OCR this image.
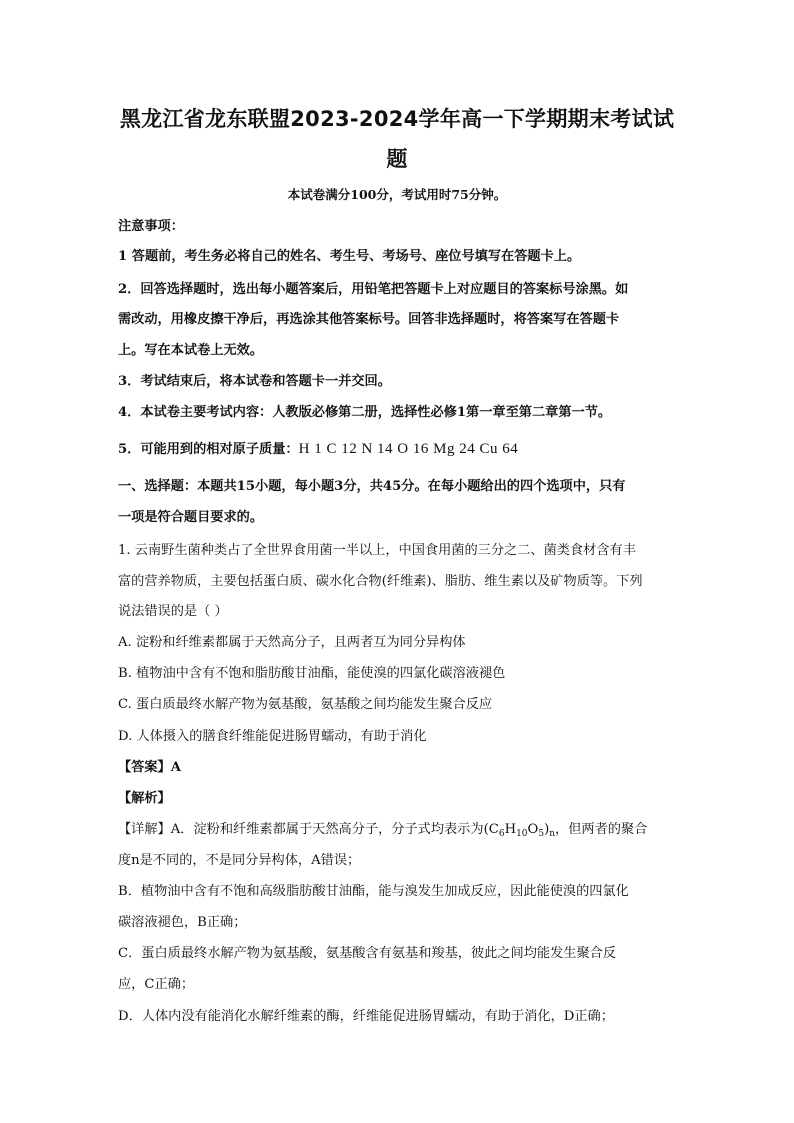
黑龙江省龙东联盟2023-2024学年高一下学期期末考试试
题
本试卷满分100分，考试用时75分钟。
注意事项：
1 答题前，考生务必将自己的姓名、考生号、考场号、座位号填写在答题卡上。
2．回答选择题时，选出每小题答案后，用铅笔把答题卡上对应题目的答案标号涂黑。如
需改动，用橡皮擦干净后，再选涂其他答案标号。回答非选择题时，将答案写在答题卡
上。写在本试卷上无效。
3．考试结束后，将本试卷和答题卡一并交回。
4．本试卷主要考试内容：人教版必修第二册，选择性必修1第一章至第二章第一节。
5．可能用到的相对原子质量：H 1 C 12 N 14 O 16 Mg 24 Cu 64
一、选择题：本题共15小题，每小题3分，共45分。在每小题给出的四个选项中，只有
一项是符合题目要求的。
1. 云南野生菌种类占了全世界食用菌一半以上，中国食用菌的三分之二、菌类食材含有丰
富的营养物质，主要包括蛋白质、碳水化合物(纤维素)、脂肪、维生素以及矿物质等。下列
说法错误的是（ ）
A. 淀粉和纤维素都属于天然高分子，且两者互为同分异构体
B. 植物油中含有不饱和脂肪酸甘油酯，能使溴的四氯化碳溶液褪色
C. 蛋白质最终水解产物为氨基酸，氨基酸之间均能发生聚合反应
D. 人体摄入的膳食纤维能促进肠胃蠕动，有助于消化
【答案】A
【解析】
【详解】A．淀粉和纤维素都属于天然高分子，分子式均表示为$(C_6H_{10}O_5)_n$，但两者的聚合
度n是不同的，不是同分异构体，A错误；
B．植物油中含有不饱和高级脂肪酸甘油酯，能与溴发生加成反应，因此能使溴的四氯化
碳溶液褪色，B正确；
C．蛋白质最终水解产物为氨基酸，氨基酸含有氨基和羧基，彼此之间均能发生聚合反
应，C正确；
D．人体内没有能消化水解纤维素的酶，纤维能促进肠胃蠕动，有助于消化，D正确；
